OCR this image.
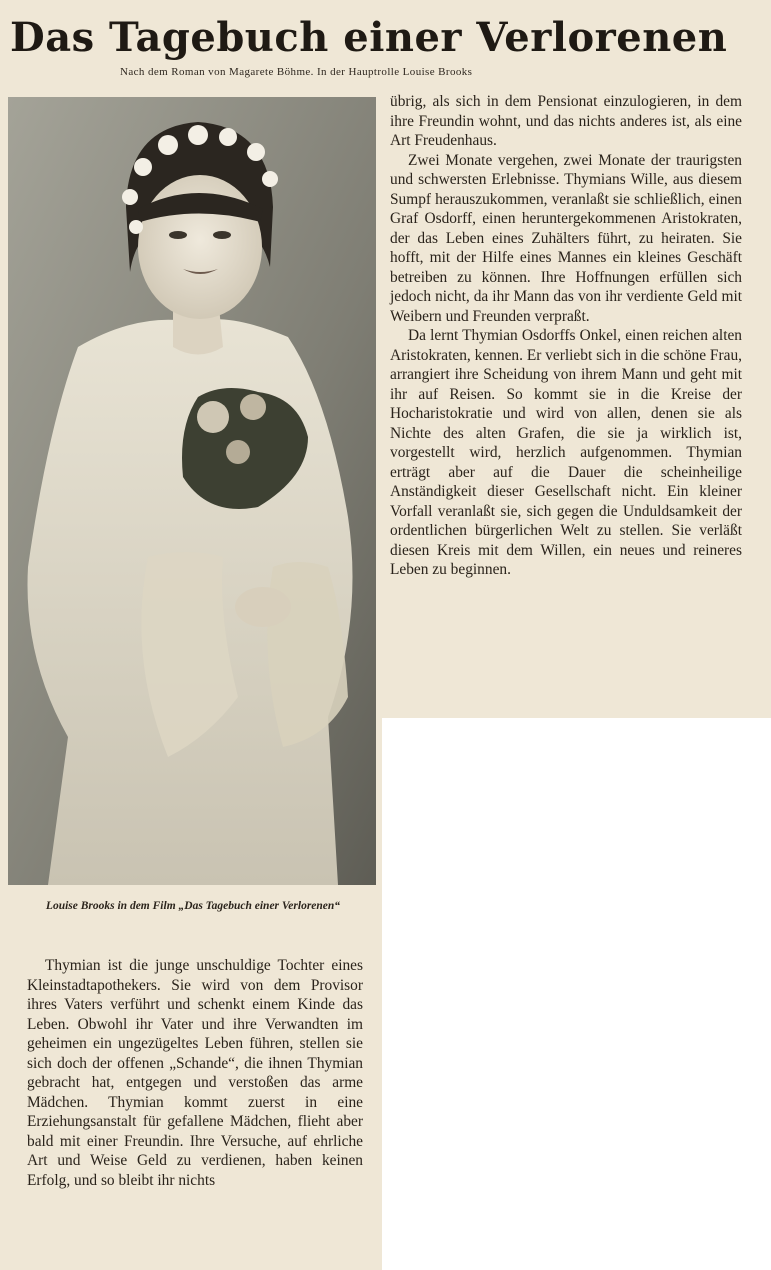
Das Tagebuch einer Verlorenen
Nach dem Roman von Magarete Böhme. In der Hauptrolle Louise Brooks
Louise Brooks in dem Film „Das Tagebuch einer Verlorenen“

übrig, als sich in dem Pensionat einzulogieren, in dem ihre Freundin wohnt, und das nichts anderes ist, als eine Art Freudenhaus.

Zwei Monate vergehen, zwei Monate der traurigsten und schwersten Erlebnisse. Thymians Wille, aus diesem Sumpf herauszukommen, veranlaßt sie schließlich, einen Graf Osdorff, einen heruntergekommenen Aristokraten, der das Leben eines Zuhälters führt, zu heiraten. Sie hofft, mit der Hilfe eines Mannes ein kleines Geschäft betreiben zu können. Ihre Hoffnungen erfüllen sich jedoch nicht, da ihr Mann das von ihr verdiente Geld mit Weibern und Freunden verpraßt.

Da lernt Thymian Osdorffs Onkel, einen reichen alten Aristokraten, kennen. Er verliebt sich in die schöne Frau, arrangiert ihre Scheidung von ihrem Mann und geht mit ihr auf Reisen. So kommt sie in die Kreise der Hocharistokratie und wird von allen, denen sie als Nichte des alten Grafen, die sie ja wirklich ist, vorgestellt wird, herzlich aufgenommen. Thymian erträgt aber auf die Dauer die scheinheilige Anständigkeit dieser Gesellschaft nicht. Ein kleiner Vorfall veranlaßt sie, sich gegen die Unduldsamkeit der ordentlichen bürgerlichen Welt zu stellen. Sie verläßt diesen Kreis mit dem Willen, ein neues und reineres Leben zu beginnen.

Thymian ist die junge unschuldige Tochter eines Kleinstadtapothekers. Sie wird von dem Provisor ihres Vaters verführt und schenkt einem Kinde das Leben. Obwohl ihr Vater und ihre Verwandten im geheimen ein ungezügeltes Leben führen, stellen sie sich doch der offenen „Schande“, die ihnen Thymian gebracht hat, entgegen und verstoßen das arme Mädchen. Thymian kommt zuerst in eine Erziehungsanstalt für gefallene Mädchen, flieht aber bald mit einer Freundin. Ihre Versuche, auf ehrliche Art und Weise Geld zu verdienen, haben keinen Erfolg, und so bleibt ihr nichts
